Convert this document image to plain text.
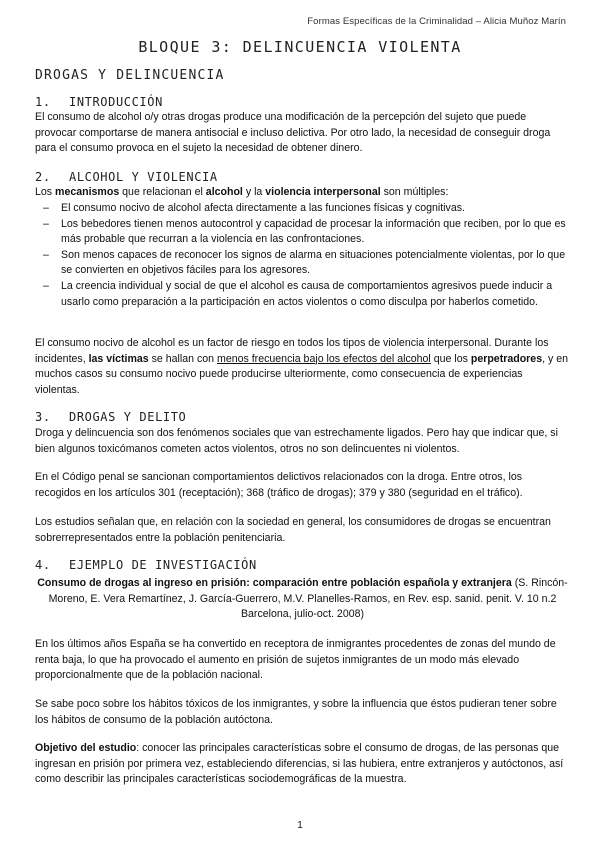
Formas Específicas de la Criminalidad – Alicia Muñoz Marín
BLOQUE 3: DELINCUENCIA VIOLENTA
DROGAS Y DELINCUENCIA
1. INTRODUCCIÓN

El consumo de alcohol o/y otras drogas produce una modificación de la percepción del sujeto que puede provocar comportarse de manera antisocial e incluso delictiva. Por otro lado, la necesidad de conseguir droga para el consumo provoca en el sujeto la necesidad de obtener dinero.

2. ALCOHOL Y VIOLENCIA
Los mecanismos que relacionan el alcohol y la violencia interpersonal son múltiples:
– El consumo nocivo de alcohol afecta directamente a las funciones físicas y cognitivas.
– Los bebedores tienen menos autocontrol y capacidad de procesar la información que reciben, por lo que es más probable que recurran a la violencia en las confrontaciones.
– Son menos capaces de reconocer los signos de alarma en situaciones potencialmente violentas, por lo que se convierten en objetivos fáciles para los agresores.
– La creencia individual y social de que el alcohol es causa de comportamientos agresivos puede inducir a usarlo como preparación a la participación en actos violentos o como disculpa por haberlos cometido.
El consumo nocivo de alcohol es un factor de riesgo en todos los tipos de violencia interpersonal. Durante los incidentes, las víctimas se hallan con menos frecuencia bajo los efectos del alcohol que los perpetradores, y en muchos casos su consumo nocivo puede producirse ulteriormente, como consecuencia de experiencias violentas.
3. DROGAS Y DELITO

Droga y delincuencia son dos fenómenos sociales que van estrechamente ligados. Pero hay que indicar que, si bien algunos toxicómanos cometen actos violentos, otros no son delincuentes ni violentos.

En el Código penal se sancionan comportamientos delictivos relacionados con la droga. Entre otros, los recogidos en los artículos 301 (receptación); 368 (tráfico de drogas); 379 y 380 (seguridad en el tráfico).

Los estudios señalan que, en relación con la sociedad en general, los consumidores de drogas se encuentran sobrerrepresentados entre la población penitenciaria.

4. EJEMPLO DE INVESTIGACIÓN
Consumo de drogas al ingreso en prisión: comparación entre población española y extranjera (S. Rincón-Moreno, E. Vera Remartínez, J. García-Guerrero, M.V. Planelles-Ramos, en Rev. esp. sanid. penit. V. 10 n.2 Barcelona, julio-oct. 2008)

En los últimos años España se ha convertido en receptora de inmigrantes procedentes de zonas del mundo de renta baja, lo que ha provocado el aumento en prisión de sujetos inmigrantes de un modo más elevado proporcionalmente que de la población nacional.

Se sabe poco sobre los hábitos tóxicos de los inmigrantes, y sobre la influencia que éstos pudieran tener sobre los hábitos de consumo de la población autóctona.

Objetivo del estudio: conocer las principales características sobre el consumo de drogas, de las personas que ingresan en prisión por primera vez, estableciendo diferencias, si las hubiera, entre extranjeros y autóctonos, así como describir las principales características sociodemográficas de la muestra.
1
